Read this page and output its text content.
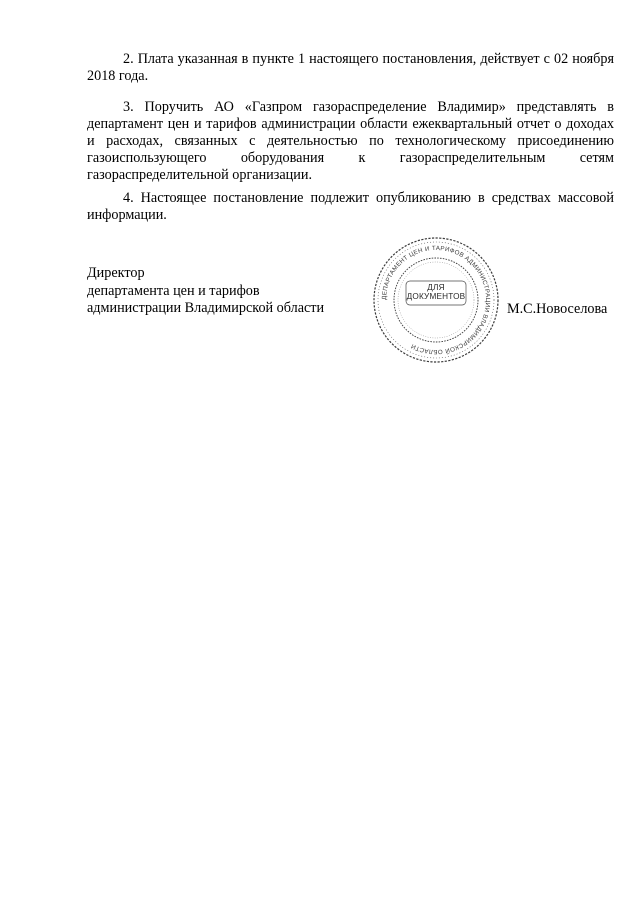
2. Плата указанная в пункте 1 настоящего постановления, действует с 02 ноября 2018 года.

3. Поручить АО «Газпром газораспределение Владимир» представлять в департамент цен и тарифов администрации области ежеквартальный отчет о доходах и расходах, связанных с деятельностью по технологическому присоединению газоиспользующего оборудования к газораспределительным сетям газораспределительной организации.

4. Настоящее постановление подлежит опубликованию в средствах массовой информации.

Директор
департамента цен и тарифов
администрации Владимирской области
ДЕПАРТАМЕНТ ЦЕН И ТАРИФОВ АДМИНИСТРАЦИИ ВЛАДИМИРСКОЙ ОБЛАСТИ
ДЛЯ
ДОКУМЕНТОВ
М.С.Новоселова
